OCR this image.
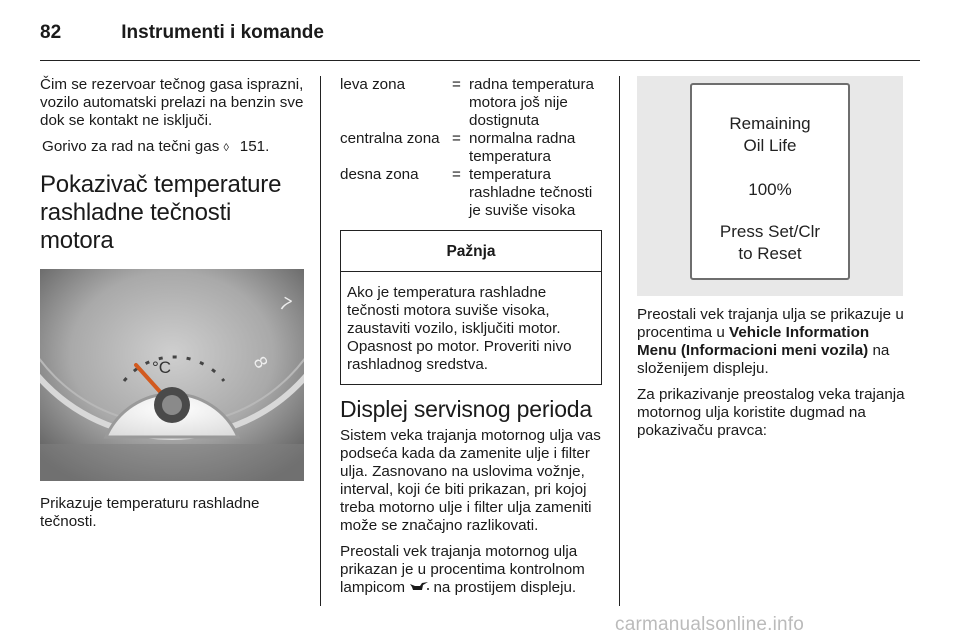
82	Instrumenti i komande

Čim se rezervoar tečnog gasa isprazni, vozilo automatski prelazi na benzin sve dok se kontakt ne isključi.

Gorivo za rad na tečni gas ◊ 151.

Pokazivač temperature rashladne tečnosti motora
7
8
°C

Prikazuje temperaturu rashladne tečnosti.

leva zona	= radna temperatura motora još nije dostignuta
centralna zona = normalna radna temperatura
desna zona	= temperatura rashladne tečnosti je suviše visoka
Pažnja
Ako je temperatura rashladne tečnosti motora suviše visoka, zaustaviti vozilo, isključiti motor. Opasnost po motor. Proveriti nivo rashladnog sredstva.
Displej servisnog perioda

Sistem veka trajanja motornog ulja vas podseća kada da zamenite ulje i filter ulja. Zasnovano na uslovima vožnje, interval, koji će biti prikazan, pri kojoj treba motorno ulje i filter ulja zameniti može se značajno razlikovati.

Preostali vek trajanja motornog ulja prikazan je u procentima kontrolnom lampicom na prostijem displeju.

Remaining
Oil Life
100%
Press Set/Clr
to Reset

Preostali vek trajanja ulja se prikazuje u procentima u Vehicle Information Menu (Informacioni meni vozila) na složenijem displeju.

Za prikazivanje preostalog veka trajanja motornog ulja koristite dugmad na pokazivaču pravca:

carmanualsonline.info
